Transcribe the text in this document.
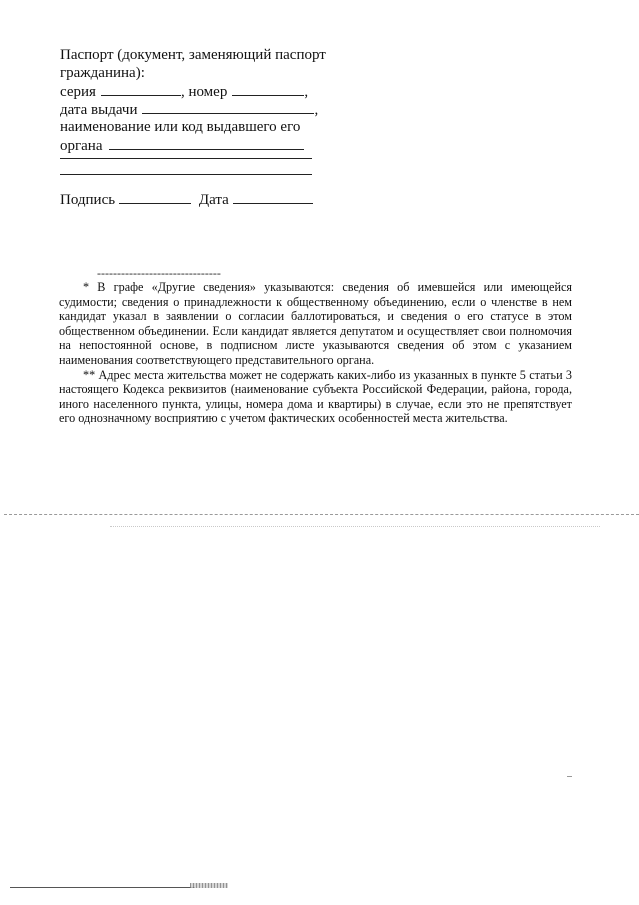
Паспорт (документ, заменяющий паспорт
гражданина):
серия	, номер	,
дата выдачи	,
наименование или код выдавшего его
органа
Подпись	Дата
-------------------------------

* В графе «Другие сведения» указываются: сведения об имевшейся или имеющейся судимости; сведения о принадлежности к общественному объединению, если о членстве в нем кандидат указал в заявлении о согласии баллотироваться, и сведения о его статусе в этом общественном объединении. Если кандидат является депутатом и осуществляет свои полномочия на непостоянной основе, в подписном листе указываются сведения об этом с указанием наименования соответствующего представительного органа.

** Адрес места жительства может не содержать каких-либо из указанных в пункте 5 статьи 3 настоящего Кодекса реквизитов (наименование субъекта Российской Федерации, района, города, иного населенного пункта, улицы, номера дома и квартиры) в случае, если это не препятствует его однозначному восприятию с учетом фактических особенностей места жительства.
